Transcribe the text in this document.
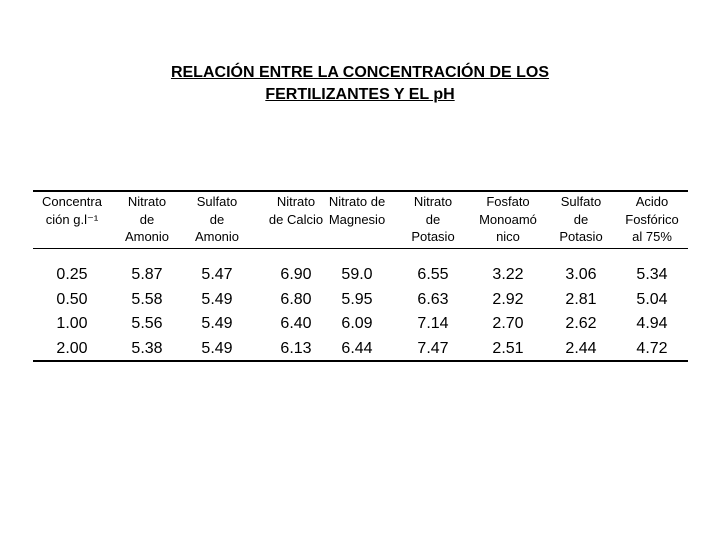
RELACIÓN ENTRE LA CONCENTRACIÓN DE LOS
FERTILIZANTES Y EL pH
Concentra
ción g.l⁻¹
Nitrato
de
Amonio
Sulfato
de
Amonio
Nitrato
de Calcio
Nitrato de
Magnesio
Nitrato
de
Potasio
Fosfato
Monoamó
nico
Sulfato
de
Potasio
Acido
Fosfórico
al 75%
0.25
0.50
1.00
2.00
5.87
5.58
5.56
5.38
5.47
5.49
5.49
5.49
6.90
6.80
6.40
6.13
59.0
5.95
6.09
6.44
6.55
6.63
7.14
7.47
3.22
2.92
2.70
2.51
3.06
2.81
2.62
2.44
5.34
5.04
4.94
4.72
